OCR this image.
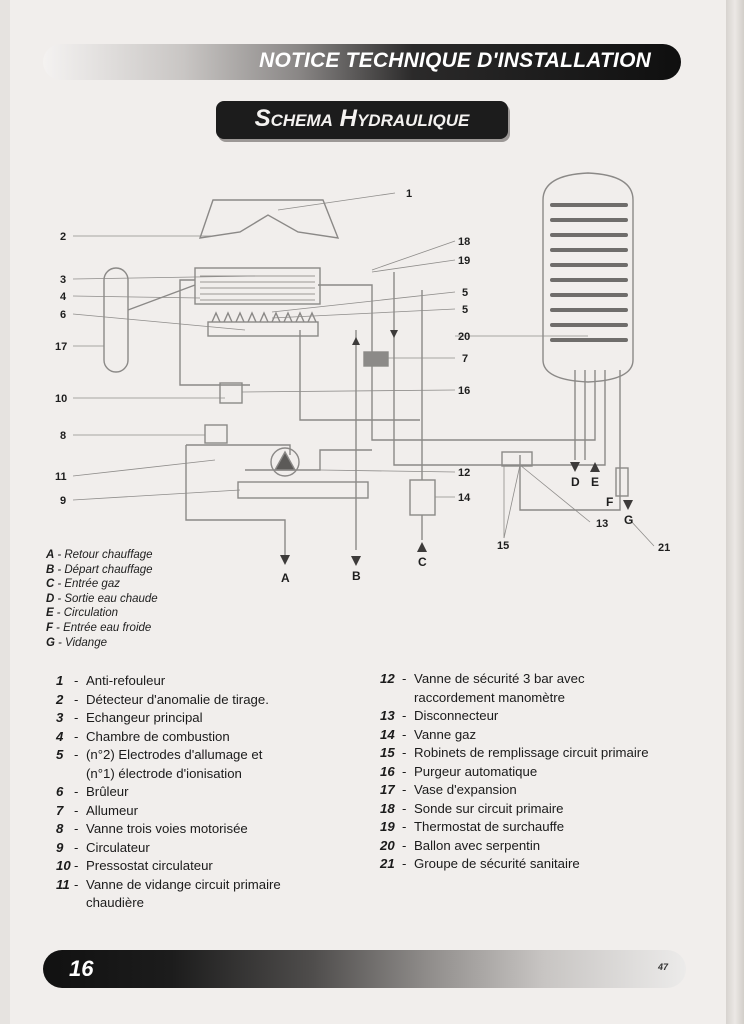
NOTICE TECHNIQUE D'INSTALLATION
Schema Hydraulique
1
2
3
4
6
17
10
8
11
9
18
19
5
5
20
7
16
12
14
13
21
15
A	B
C
D E
F
G
A - Retour chauffage
B - Départ chauffage
C - Entrée gaz
D - Sortie eau chaude
E - Circulation
F - Entrée eau froide
G - Vidange
1 - Anti-refouleur
2 - Détecteur d'anomalie de tirage.
3 - Echangeur principal
4 - Chambre de combustion
5 - (n°2) Electrodes d'allumage et
(n°1) électrode d'ionisation
6 - Brûleur
7 - Allumeur
8 - Vanne trois voies motorisée
9 - Circulateur
10 - Pressostat circulateur
11 - Vanne de vidange circuit primaire
chaudière
12 - Vanne de sécurité 3 bar avec
raccordement manomètre
13 - Disconnecteur
14 - Vanne gaz
15 - Robinets de remplissage circuit primaire
16 - Purgeur automatique
17 - Vase d'expansion
18 - Sonde sur circuit primaire
19 - Thermostat de surchauffe
20 - Ballon avec serpentin
21 - Groupe de sécurité sanitaire
16	47
